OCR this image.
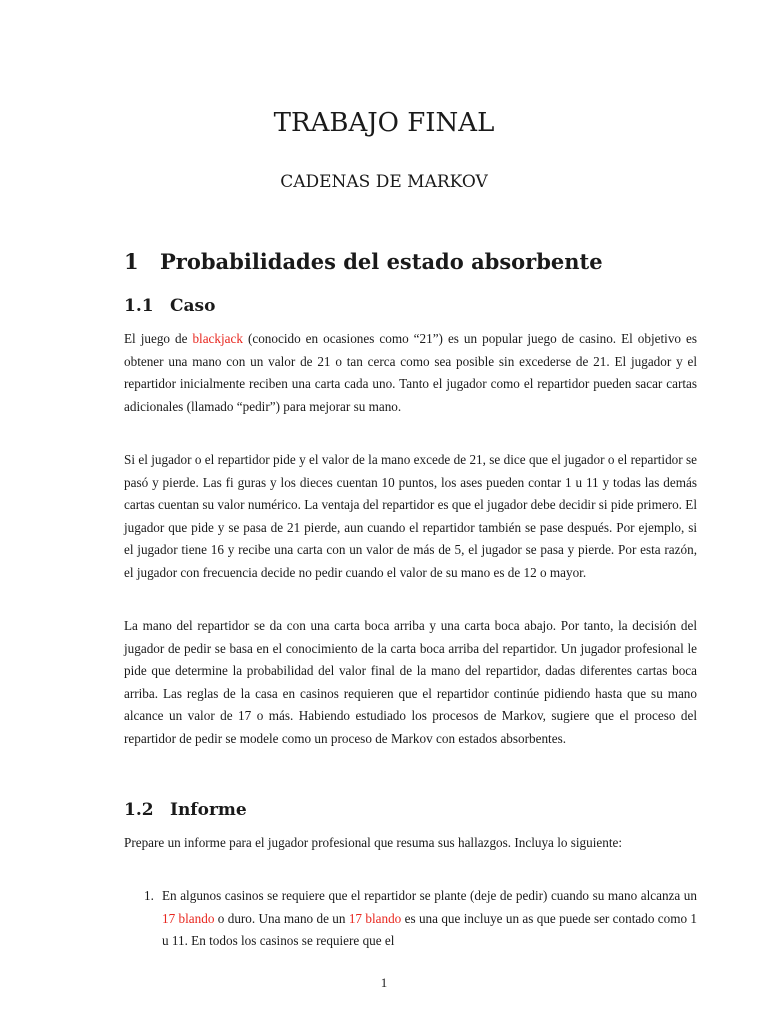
TRABAJO FINAL
CADENAS DE MARKOV
1 Probabilidades del estado absorbente
1.1 Caso
El juego de blackjack (conocido en ocasiones como “21”) es un popular juego de casino. El objetivo es obtener una mano con un valor de 21 o tan cerca como sea posible sin excederse de 21. El jugador y el repartidor inicialmente reciben una carta cada uno. Tanto el jugador como el repartidor pueden sacar cartas adicionales (llamado “pedir”) para mejorar su mano.
Si el jugador o el repartidor pide y el valor de la mano excede de 21, se dice que el jugador o el repartidor se pasó y pierde. Las fi guras y los dieces cuentan 10 puntos, los ases pueden contar 1 u 11 y todas las demás cartas cuentan su valor numérico. La ventaja del repartidor es que el jugador debe decidir si pide primero. El jugador que pide y se pasa de 21 pierde, aun cuando el repartidor también se pase después. Por ejemplo, si el jugador tiene 16 y recibe una carta con un valor de más de 5, el jugador se pasa y pierde. Por esta razón, el jugador con frecuencia decide no pedir cuando el valor de su mano es de 12 o mayor.
La mano del repartidor se da con una carta boca arriba y una carta boca abajo. Por tanto, la decisión del jugador de pedir se basa en el conocimiento de la carta boca arriba del repartidor. Un jugador profesional le pide que determine la probabilidad del valor final de la mano del repartidor, dadas diferentes cartas boca arriba. Las reglas de la casa en casinos requieren que el repartidor continúe pidiendo hasta que su mano alcance un valor de 17 o más. Habiendo estudiado los procesos de Markov, sugiere que el proceso del repartidor de pedir se modele como un proceso de Markov con estados absorbentes.
1.2 Informe
Prepare un informe para el jugador profesional que resuma sus hallazgos. Incluya lo siguiente:
1. En algunos casinos se requiere que el repartidor se plante (deje de pedir) cuando su mano alcanza un 17 blando o duro. Una mano de un 17 blando es una que incluye un as que puede ser contado como 1 u 11. En todos los casinos se requiere que el
1
